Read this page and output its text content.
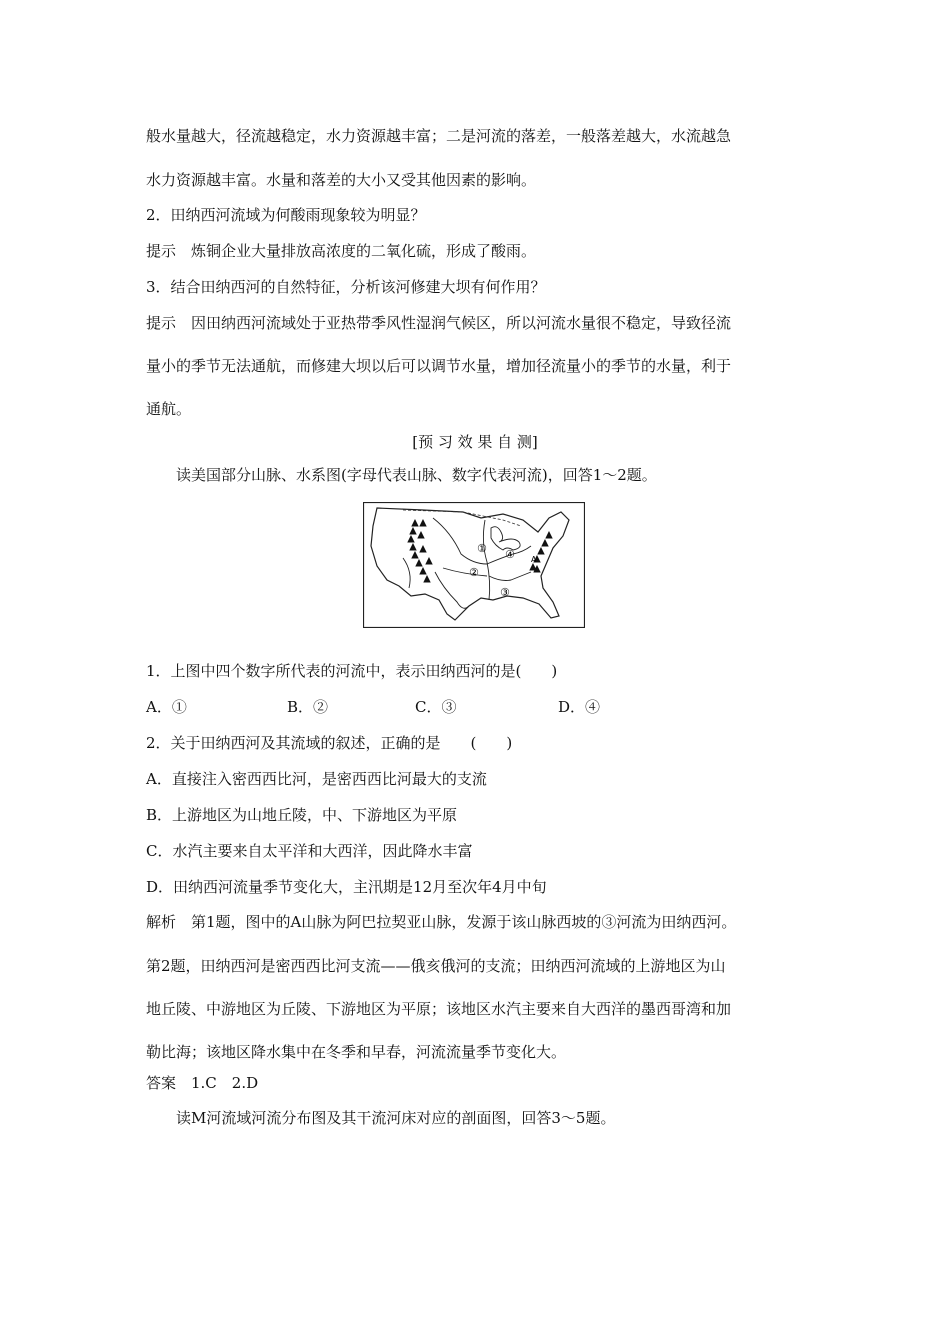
般水量越大，径流越稳定，水力资源越丰富；二是河流的落差，一般落差越大，水流越急
水力资源越丰富。水量和落差的大小又受其他因素的影响。
2．田纳西河流域为何酸雨现象较为明显？
提示　炼铜企业大量排放高浓度的二氧化硫，形成了酸雨。
3．结合田纳西河的自然特征，分析该河修建大坝有何作用？
提示　因田纳西河流域处于亚热带季风性湿润气候区，所以河流水量很不稳定，导致径流
量小的季节无法通航，而修建大坝以后可以调节水量，增加径流量小的季节的水量，利于
通航。
[预 习 效 果 自 测]
读美国部分山脉、水系图(字母代表山脉、数字代表河流)，回答1～2题。
①
②
③
④ A
1．上图中四个数字所代表的河流中，表示田纳西河的是(　　)
A．①	B．②	C．③	D．④
2．关于田纳西河及其流域的叙述，正确的是　　(　　)
A．直接注入密西西比河，是密西西比河最大的支流
B．上游地区为山地丘陵，中、下游地区为平原
C．水汽主要来自太平洋和大西洋，因此降水丰富
D．田纳西河流量季节变化大，主汛期是12月至次年4月中旬
解析　第1题，图中的A山脉为阿巴拉契亚山脉，发源于该山脉西坡的③河流为田纳西河。
第2题，田纳西河是密西西比河支流——俄亥俄河的支流；田纳西河流域的上游地区为山
地丘陵、中游地区为丘陵、下游地区为平原；该地区水汽主要来自大西洋的墨西哥湾和加
勒比海；该地区降水集中在冬季和早春，河流流量季节变化大。
答案　1.C　2.D
读M河流域河流分布图及其干流河床对应的剖面图，回答3～5题。
